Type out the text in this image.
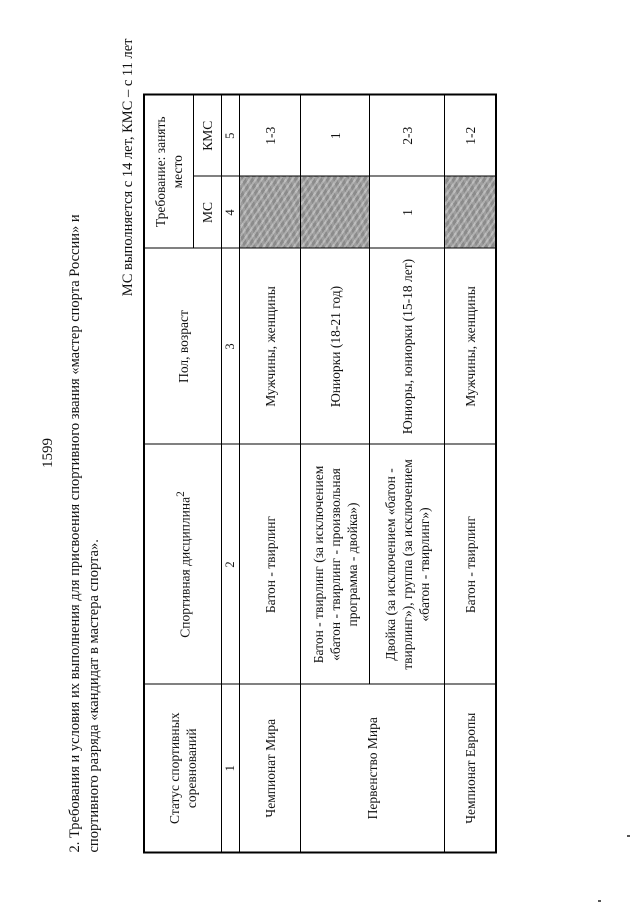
1599 2. Требования и условия их выполнения для присвоения спортивного звания «мастер спорта России» и спортивного разряда «кандидат в мастера спорта».

МС выполняется с 14 лет, КМС – с 11 лет
Статус спортивных соревнований	Спортивная дисциплина$^2$	Пол, возраст	Требование: занять место	
			МС	КМС
1	2	3	4	5
Чемпионат Мира	Батон - твирлинг	Мужчины, женщины		1-3
Первенство Мира	Батон - твирлинг (за исключением «батон - твирлинг - произвольная программа - двойка»)	Юниорки (18-21 год)		1
	Двойка (за исключением «батон - твирлинг»), группа (за исключением «батон - твирлинг»)	Юниоры, юниорки (15-18 лет)	1	2-3
Чемпионат Европы	Батон - твирлинг	Мужчины, женщины		1-2
